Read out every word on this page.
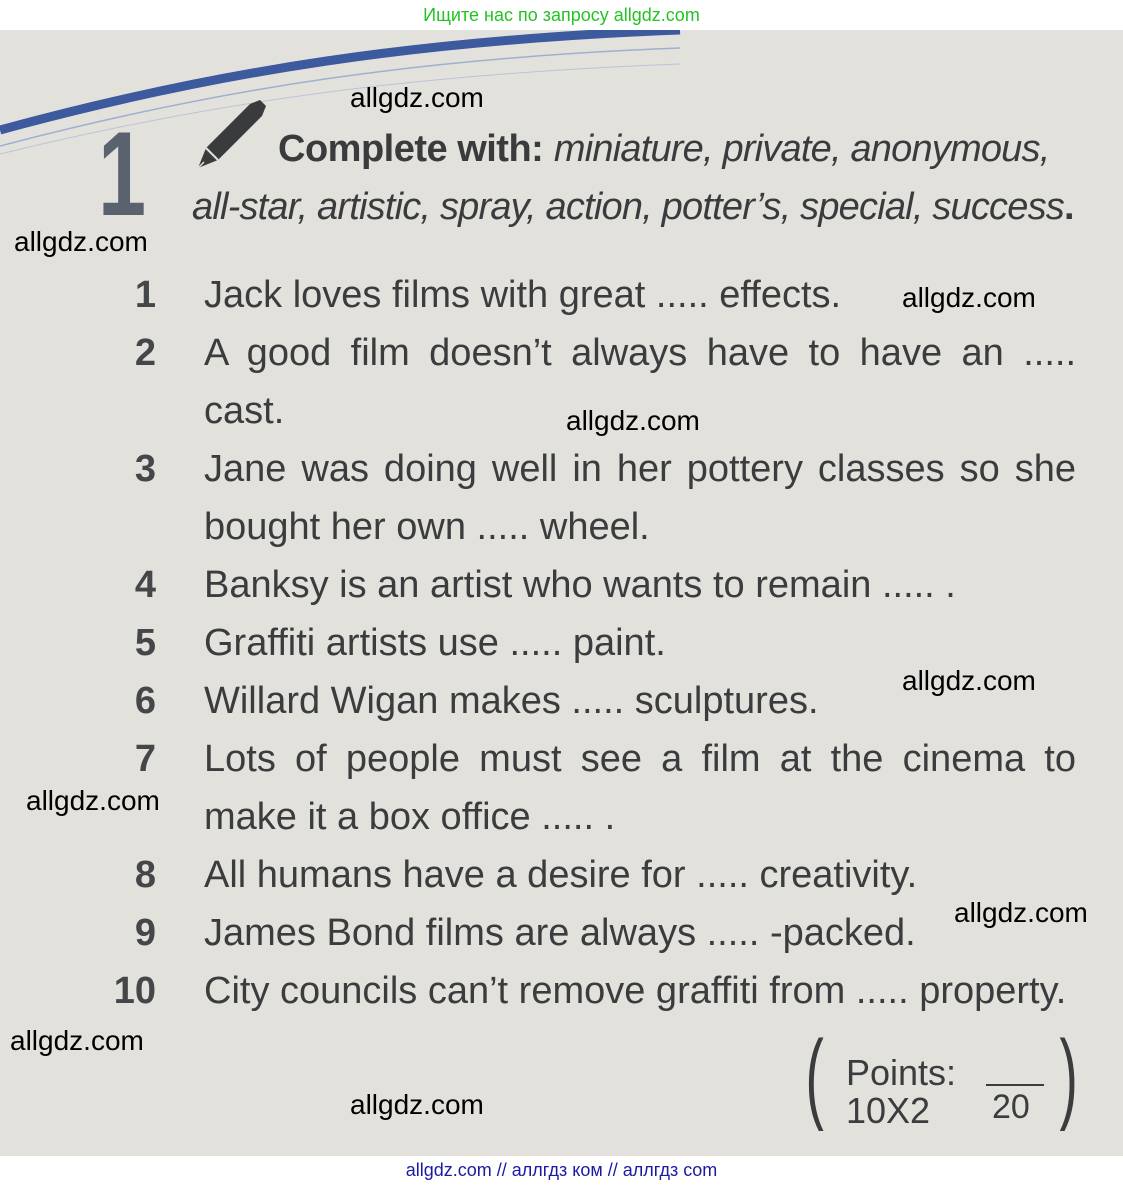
Ищите нас по запросу allgdz.com
1	Complete with: miniature, private, anonymous,
all-star, artistic, spray, action, potter’s, special, success.
1 Jack loves films with great ..... effects.
2 A good film doesn’t always have to have an .....
cast.
3 Jane was doing well in her pottery classes so she
bought her own ..... wheel.
4 Banksy is an artist who wants to remain ..... .
5 Graffiti artists use ..... paint.
6 Willard Wigan makes ..... sculptures.
7 Lots of people must see a film at the cinema to
make it a box office ..... .
8 All humans have a desire for ..... creativity.
9 James Bond films are always ..... -packed.
10 City councils can’t remove graffiti from ..... property.
( Points:
10X2 20 )
allgdz.com
allgdz.com
allgdz.com
allgdz.com
allgdz.com
allgdz.com
allgdz.com
allgdz.com
allgdz.com
allgdz.com // аллгдз ком // аллгдз com
